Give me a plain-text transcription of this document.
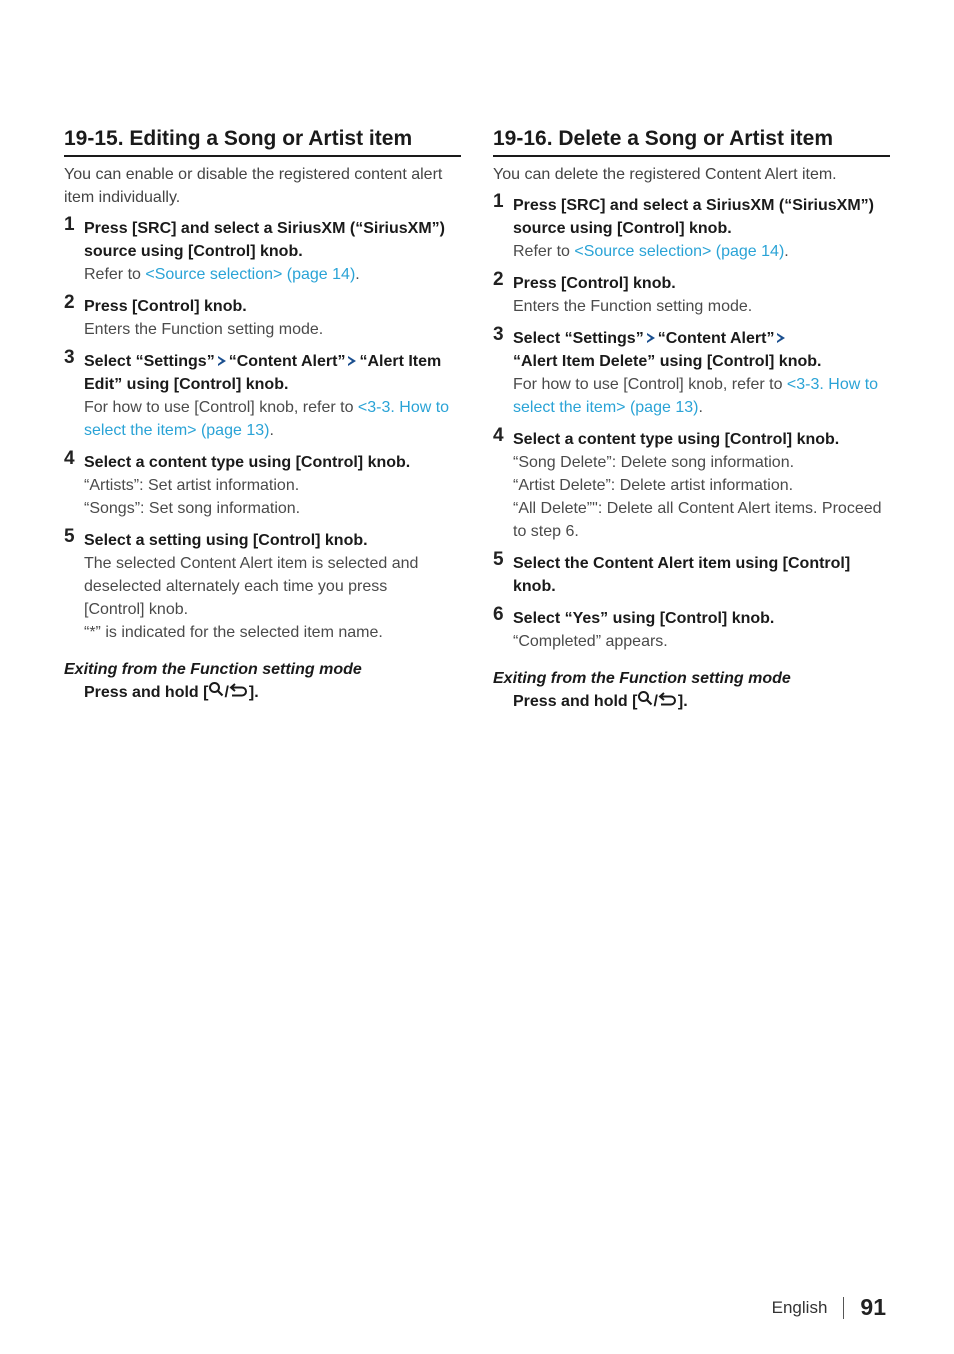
19-15. Editing a Song or Artist item
You can enable or disable the registered content alert item individually.
1 Press [SRC] and select a SiriusXM (“SiriusXM”) source using [Control] knob.
Refer to <Source selection> (page 14).
2 Press [Control] knob.
Enters the Function setting mode.
3 Select “Settings” “Content Alert” “Alert Item Edit” using [Control] knob.
For how to use [Control] knob, refer to <3-3. How to select the item> (page 13).
4 Select a content type using [Control] knob.
“Artists”: Set artist information.
“Songs”: Set song information.
5 Select a setting using [Control] knob.
The selected Content Alert item is selected and deselected alternately each time you press [Control] knob.
“*” is indicated for the selected item name.
Exiting from the Function setting mode
Press and hold [ / ].
19-16. Delete a Song or Artist item
You can delete the registered Content Alert item.
1 Press [SRC] and select a SiriusXM (“SiriusXM”) source using [Control] knob.
Refer to <Source selection> (page 14).
2 Press [Control] knob.
Enters the Function setting mode.
3 Select “Settings” “Content Alert”
“Alert Item Delete” using [Control] knob.
For how to use [Control] knob, refer to <3-3. How to select the item> (page 13).
4 Select a content type using [Control] knob.
“Song Delete”: Delete song information.
“Artist Delete”: Delete artist information.
“All Delete”": Delete all Content Alert items. Proceed to step 6.
5 Select the Content Alert item using [Control] knob.
6 Select “Yes” using [Control] knob.
“Completed” appears.
Exiting from the Function setting mode
Press and hold [ / ].
English 91
